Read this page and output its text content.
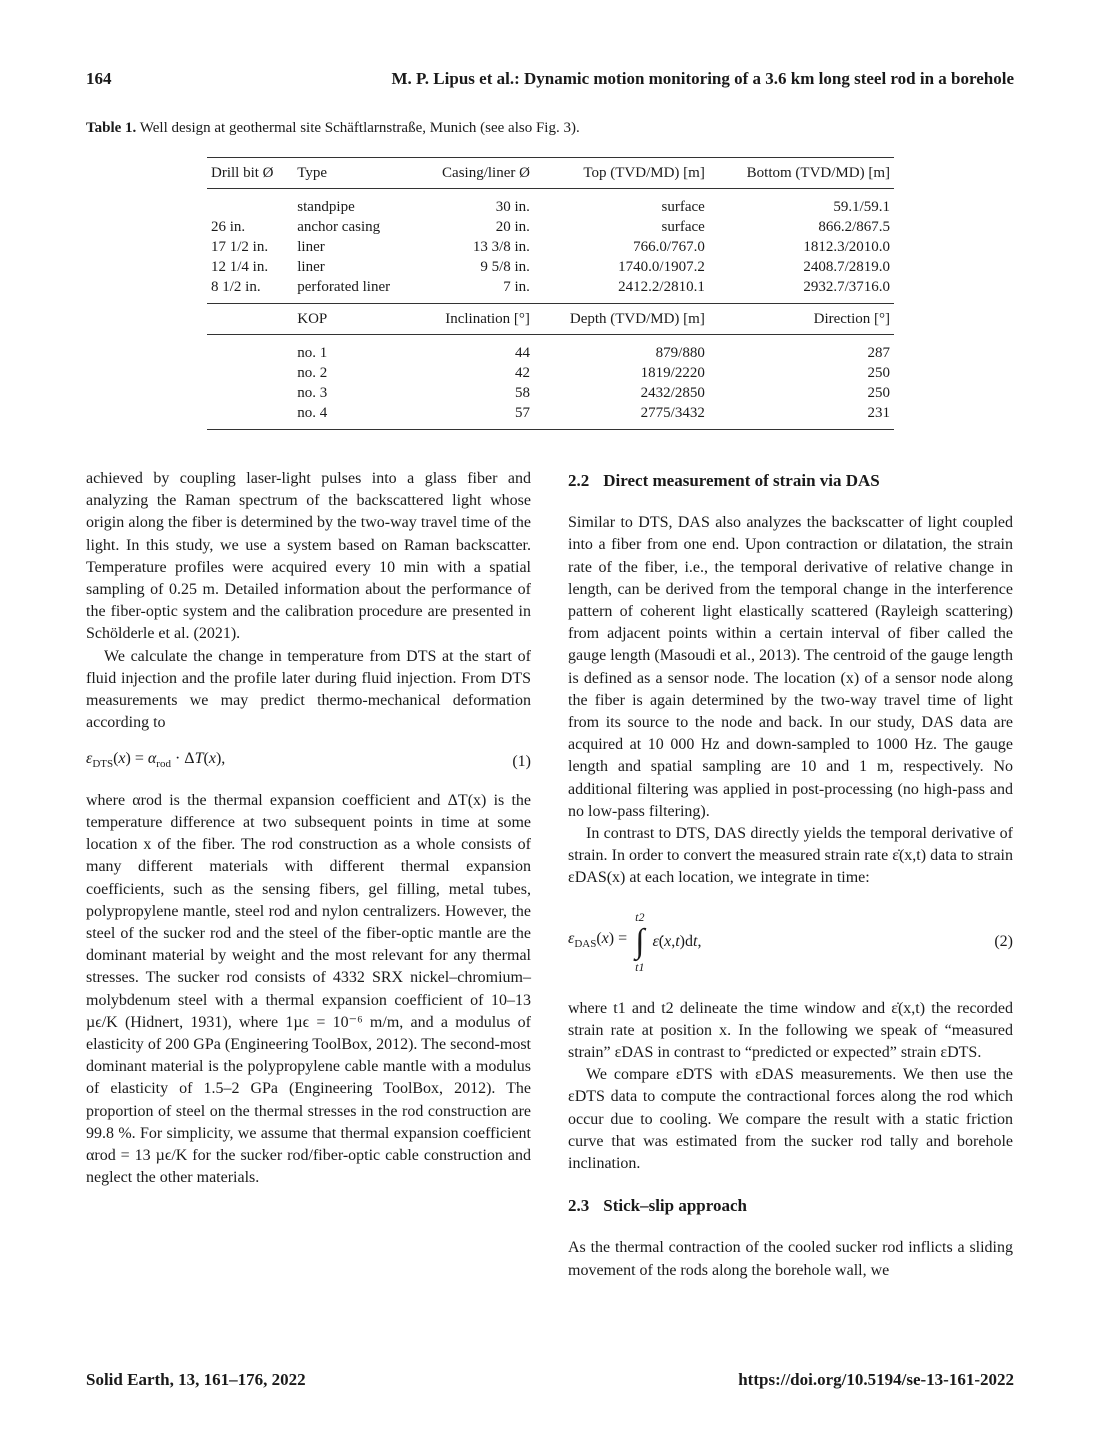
164	M. P. Lipus et al.: Dynamic motion monitoring of a 3.6 km long steel rod in a borehole
Table 1. Well design at geothermal site Schäftlarnstraße, Munich (see also Fig. 3).
Drill bit Ø	Type	Casing/liner Ø	Top (TVD/MD) [m]	Bottom (TVD/MD) [m]
	standpipe	30 in.	surface	59.1/59.1
26 in.	anchor casing	20 in.	surface	866.2/867.5
17 1/2 in.	liner	13 3/8 in.	766.0/767.0	1812.3/2010.0
12 1/4 in.	liner	9 5/8 in.	1740.0/1907.2	2408.7/2819.0
8 1/2 in.	perforated liner	7 in.	2412.2/2810.1	2932.7/3716.0
	KOP	Inclination [°]	Depth (TVD/MD) [m]	Direction [°]
	no. 1	44	879/880	287
	no. 2	42	1819/2220	250
	no. 3	58	2432/2850	250
	no. 4	57	2775/3432	231

achieved by coupling laser-light pulses into a glass fiber and analyzing the Raman spectrum of the backscattered light whose origin along the fiber is determined by the two-way travel time of the light. In this study, we use a system based on Raman backscatter. Temperature profiles were acquired every 10 min with a spatial sampling of 0.25 m. Detailed information about the performance of the fiber-optic system and the calibration procedure are presented in Schölderle et al. (2021).

We calculate the change in temperature from DTS at the start of fluid injection and the profile later during fluid injection. From DTS measurements we may predict thermo-mechanical deformation according to

$\varepsilon_{DTS}(x) = \alpha_{rod} \cdot \Delta T(x)$,	(1)

where αrod is the thermal expansion coefficient and ΔT(x) is the temperature difference at two subsequent points in time at some location x of the fiber. The rod construction as a whole consists of many different materials with different thermal expansion coefficients, such as the sensing fibers, gel filling, metal tubes, polypropylene mantle, steel rod and nylon centralizers. However, the steel of the sucker rod and the steel of the fiber-optic mantle are the dominant material by weight and the most relevant for any thermal stresses. The sucker rod consists of 4332 SRX nickel–chromium–molybdenum steel with a thermal expansion coefficient of 10–13 µϵ/K (Hidnert, 1931), where 1µϵ = 10⁻⁶ m/m, and a modulus of elasticity of 200 GPa (Engineering ToolBox, 2012). The second-most dominant material is the polypropylene cable mantle with a modulus of elasticity of 1.5–2 GPa (Engineering ToolBox, 2012). The proportion of steel on the thermal stresses in the rod construction are 99.8 %. For simplicity, we assume that thermal expansion coefficient αrod = 13 µϵ/K for the sucker rod/fiber-optic cable construction and neglect the other materials.

2.2 Direct measurement of strain via DAS

Similar to DTS, DAS also analyzes the backscatter of light coupled into a fiber from one end. Upon contraction or dilatation, the strain rate of the fiber, i.e., the temporal derivative of relative change in length, can be derived from the temporal change in the interference pattern of coherent light elastically scattered (Rayleigh scattering) from adjacent points within a certain interval of fiber called the gauge length (Masoudi et al., 2013). The centroid of the gauge length is defined as a sensor node. The location (x) of a sensor node along the fiber is again determined by the two-way travel time of light from its source to the node and back. In our study, DAS data are acquired at 10 000 Hz and down-sampled to 1000 Hz. The gauge length and spatial sampling are 10 and 1 m, respectively. No additional filtering was applied in post-processing (no high-pass and no low-pass filtering).

In contrast to DTS, DAS directly yields the temporal derivative of strain. In order to convert the measured strain rate ε̇(x,t) data to strain εDAS(x) at each location, we integrate in time:

$\varepsilon_{DAS}(x)$ =
t2
∫
t1
ε̇(x,t)dt,	(2)

where t1 and t2 delineate the time window and ε̇(x,t) the recorded strain rate at position x. In the following we speak of “measured strain” εDAS in contrast to “predicted or expected” strain εDTS.

We compare εDTS with εDAS measurements. We then use the εDTS data to compute the contractional forces along the rod which occur due to cooling. We compare the result with a static friction curve that was estimated from the sucker rod tally and borehole inclination.

2.3 Stick–slip approach

As the thermal contraction of the cooled sucker rod inflicts a sliding movement of the rods along the borehole wall, we

Solid Earth, 13, 161–176, 2022	https://doi.org/10.5194/se-13-161-2022
